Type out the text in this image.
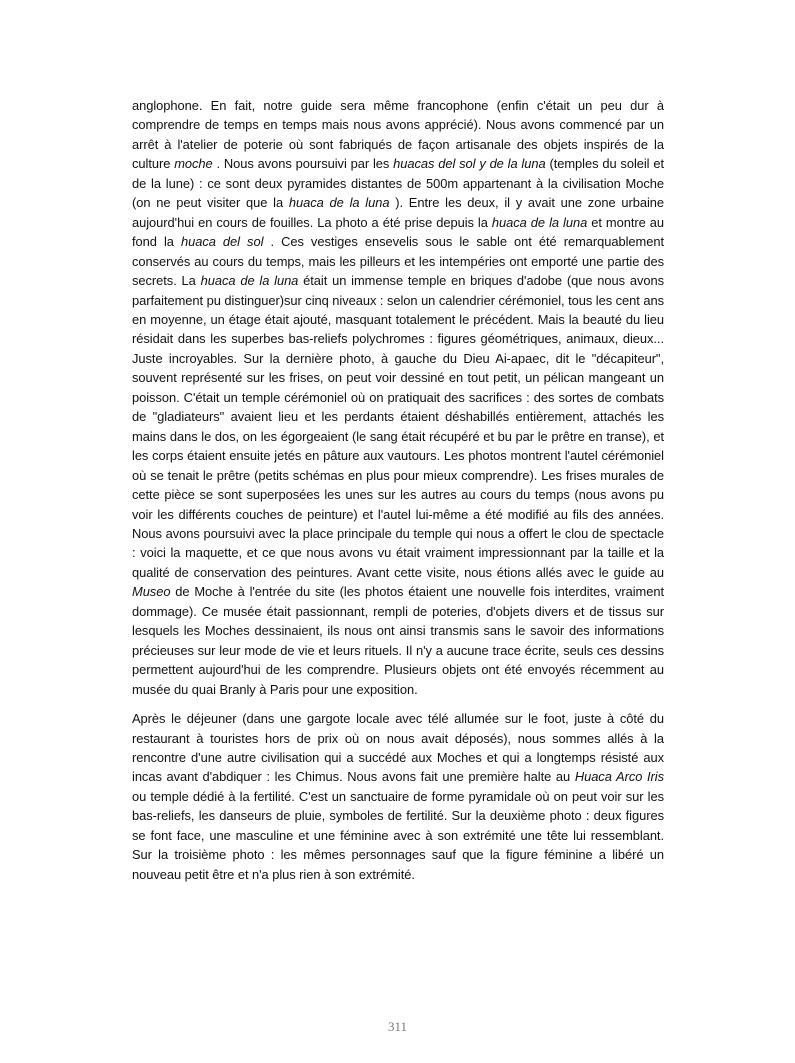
anglophone. En fait, notre guide sera même francophone (enfin c'était un peu dur à comprendre de temps en temps mais nous avons apprécié). Nous avons commencé par un arrêt à l'atelier de poterie où sont fabriqués de façon artisanale des objets inspirés de la culture moche . Nous avons poursuivi par les huacas del sol y de la luna (temples du soleil et de la lune) : ce sont deux pyramides distantes de 500m appartenant à la civilisation Moche (on ne peut visiter que la huaca de la luna ). Entre les deux, il y avait une zone urbaine aujourd'hui en cours de fouilles. La photo a été prise depuis la huaca de la luna et montre au fond la huaca del sol . Ces vestiges ensevelis sous le sable ont été remarquablement conservés au cours du temps, mais les pilleurs et les intempéries ont emporté une partie des secrets. La huaca de la luna était un immense temple en briques d'adobe (que nous avons parfaitement pu distinguer)sur cinq niveaux : selon un calendrier cérémoniel, tous les cent ans en moyenne, un étage était ajouté, masquant totalement le précédent. Mais la beauté du lieu résidait dans les superbes bas-reliefs polychromes : figures géométriques, animaux, dieux... Juste incroyables. Sur la dernière photo, à gauche du Dieu Ai-apaec, dit le "décapiteur", souvent représenté sur les frises, on peut voir dessiné en tout petit, un pélican mangeant un poisson. C'était un temple cérémoniel où on pratiquait des sacrifices : des sortes de combats de "gladiateurs" avaient lieu et les perdants étaient déshabillés entièrement, attachés les mains dans le dos, on les égorgeaient (le sang était récupéré et bu par le prêtre en transe), et les corps étaient ensuite jetés en pâture aux vautours. Les photos montrent l'autel cérémoniel où se tenait le prêtre (petits schémas en plus pour mieux comprendre). Les frises murales de cette pièce se sont superposées les unes sur les autres au cours du temps (nous avons pu voir les différents couches de peinture) et l'autel lui-même a été modifié au fils des années. Nous avons poursuivi avec la place principale du temple qui nous a offert le clou de spectacle : voici la maquette, et ce que nous avons vu était vraiment impressionnant par la taille et la qualité de conservation des peintures. Avant cette visite, nous étions allés avec le guide au Museo de Moche à l'entrée du site (les photos étaient une nouvelle fois interdites, vraiment dommage). Ce musée était passionnant, rempli de poteries, d'objets divers et de tissus sur lesquels les Moches dessinaient, ils nous ont ainsi transmis sans le savoir des informations précieuses sur leur mode de vie et leurs rituels. Il n'y a aucune trace écrite, seuls ces dessins permettent aujourd'hui de les comprendre. Plusieurs objets ont été envoyés récemment au musée du quai Branly à Paris pour une exposition.

Après le déjeuner (dans une gargote locale avec télé allumée sur le foot, juste à côté du restaurant à touristes hors de prix où on nous avait déposés), nous sommes allés à la rencontre d'une autre civilisation qui a succédé aux Moches et qui a longtemps résisté aux incas avant d'abdiquer : les Chimus. Nous avons fait une première halte au Huaca Arco Iris ou temple dédié à la fertilité. C'est un sanctuaire de forme pyramidale où on peut voir sur les bas-reliefs, les danseurs de pluie, symboles de fertilité. Sur la deuxième photo : deux figures se font face, une masculine et une féminine avec à son extrémité une tête lui ressemblant. Sur la troisième photo : les mêmes personnages sauf que la figure féminine a libéré un nouveau petit être et n'a plus rien à son extrémité.

311
